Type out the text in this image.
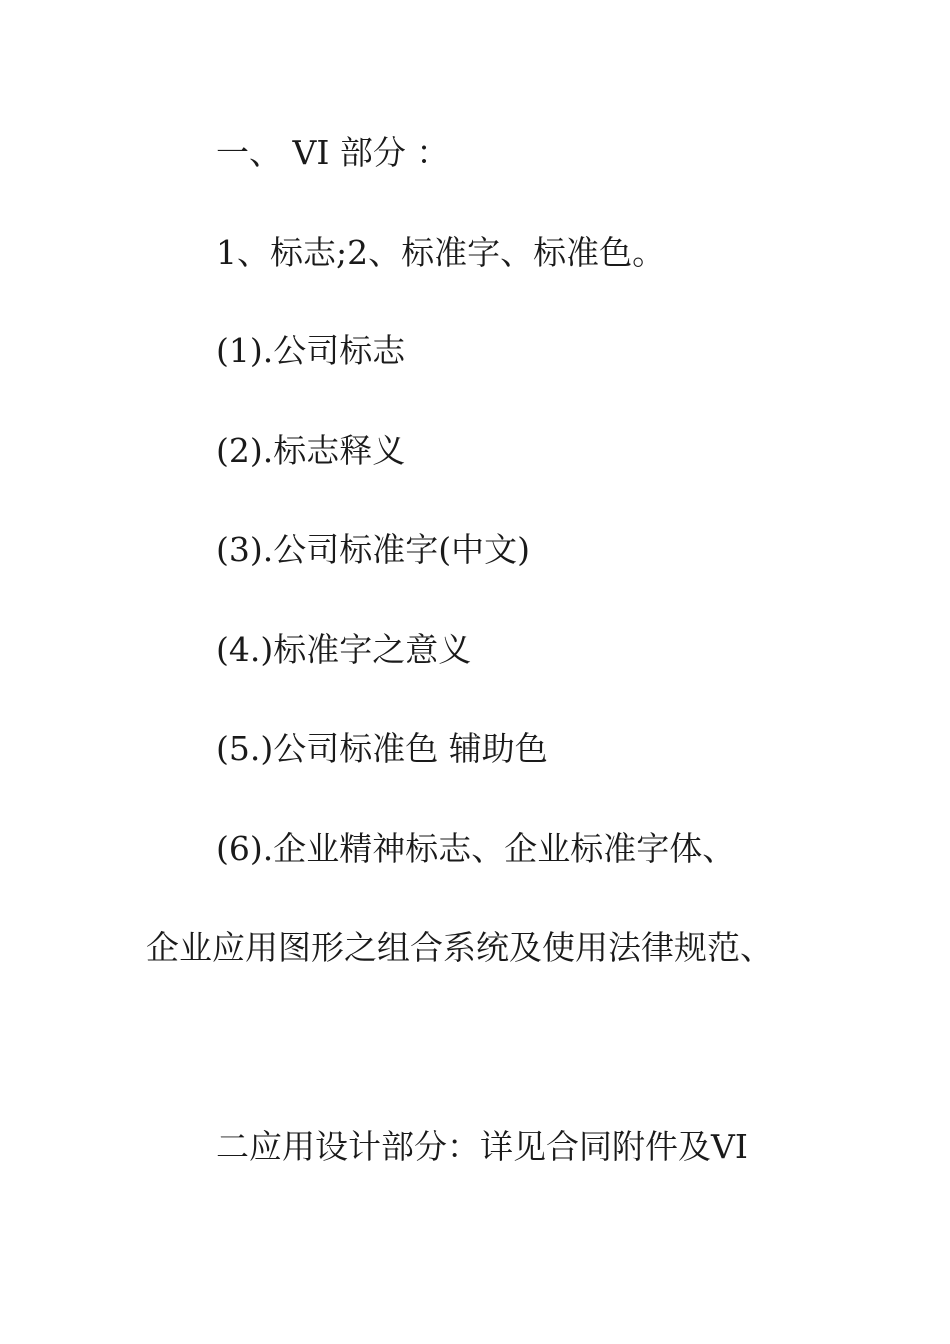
一、 VI 部分 ：
1、标志;2、标准字、标准色。
(1).公司标志
(2).标志释义
(3).公司标准字(中文)
(4.)标准字之意义
(5.)公司标准色 辅助色
(6).企业精神标志、企业标准字体、
企业应用图形之组合系统及使用法律规范、
二应用设计部分：详见合同附件及VI
